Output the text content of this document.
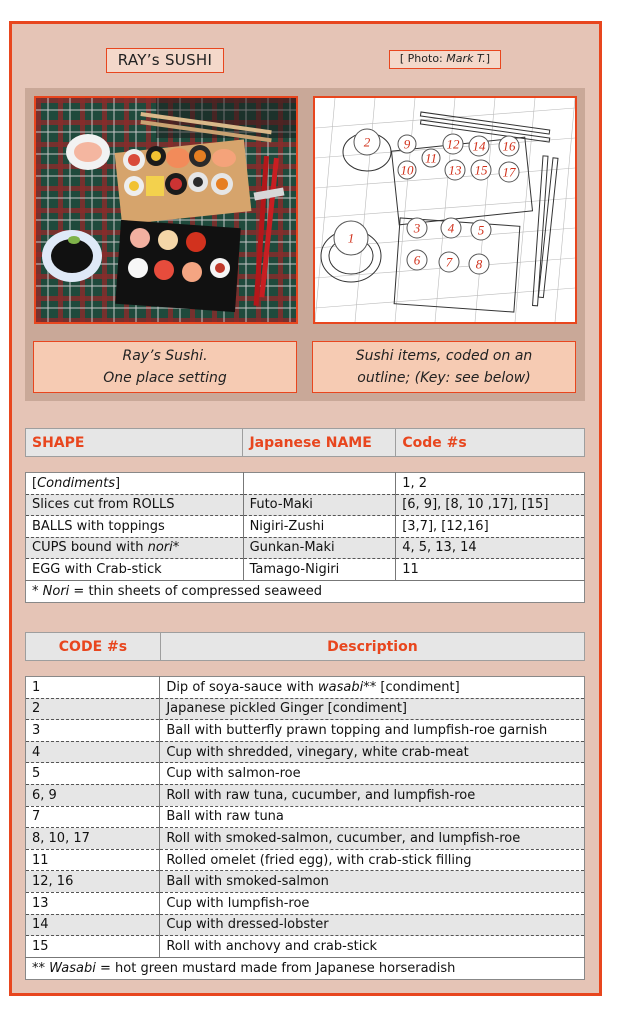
RAY’s SUSHI	[ Photo: Mark T.]
1
2
3 4 5
6 7 8
9
10
11
12
13
14
15
16
17
Ray’s Sushi.
One place setting
Sushi items, coded on an
outline; (Key: see below)
SHAPE	Japanese NAME	Code #s
[Condiments]		1, 2
Slices cut from ROLLS	Futo-Maki	[6, 9], [8, 10 ,17], [15]
BALLS with toppings	Nigiri-Zushi	[3,7], [12,16]
CUPS bound with nori*	Gunkan-Maki	4, 5, 13, 14
EGG with Crab-stick	Tamago-Nigiri	11
* Nori = thin sheets of compressed seaweed		
CODE #s	Description
1	Dip of soya-sauce with wasabi** [condiment]
2	Japanese pickled Ginger [condiment]
3	Ball with butterfly prawn topping and lumpfish-roe garnish
4	Cup with shredded, vinegary, white crab-meat
5	Cup with salmon-roe
6, 9	Roll with raw tuna, cucumber, and lumpfish-roe
7	Ball with raw tuna
8, 10, 17	Roll with smoked-salmon, cucumber, and lumpfish-roe
11	Rolled omelet (fried egg), with crab-stick filling
12, 16	Ball with smoked-salmon
13	Cup with lumpfish-roe
14	Cup with dressed-lobster
15	Roll with anchovy and crab-stick
** Wasabi = hot green mustard made from Japanese horseradish	
